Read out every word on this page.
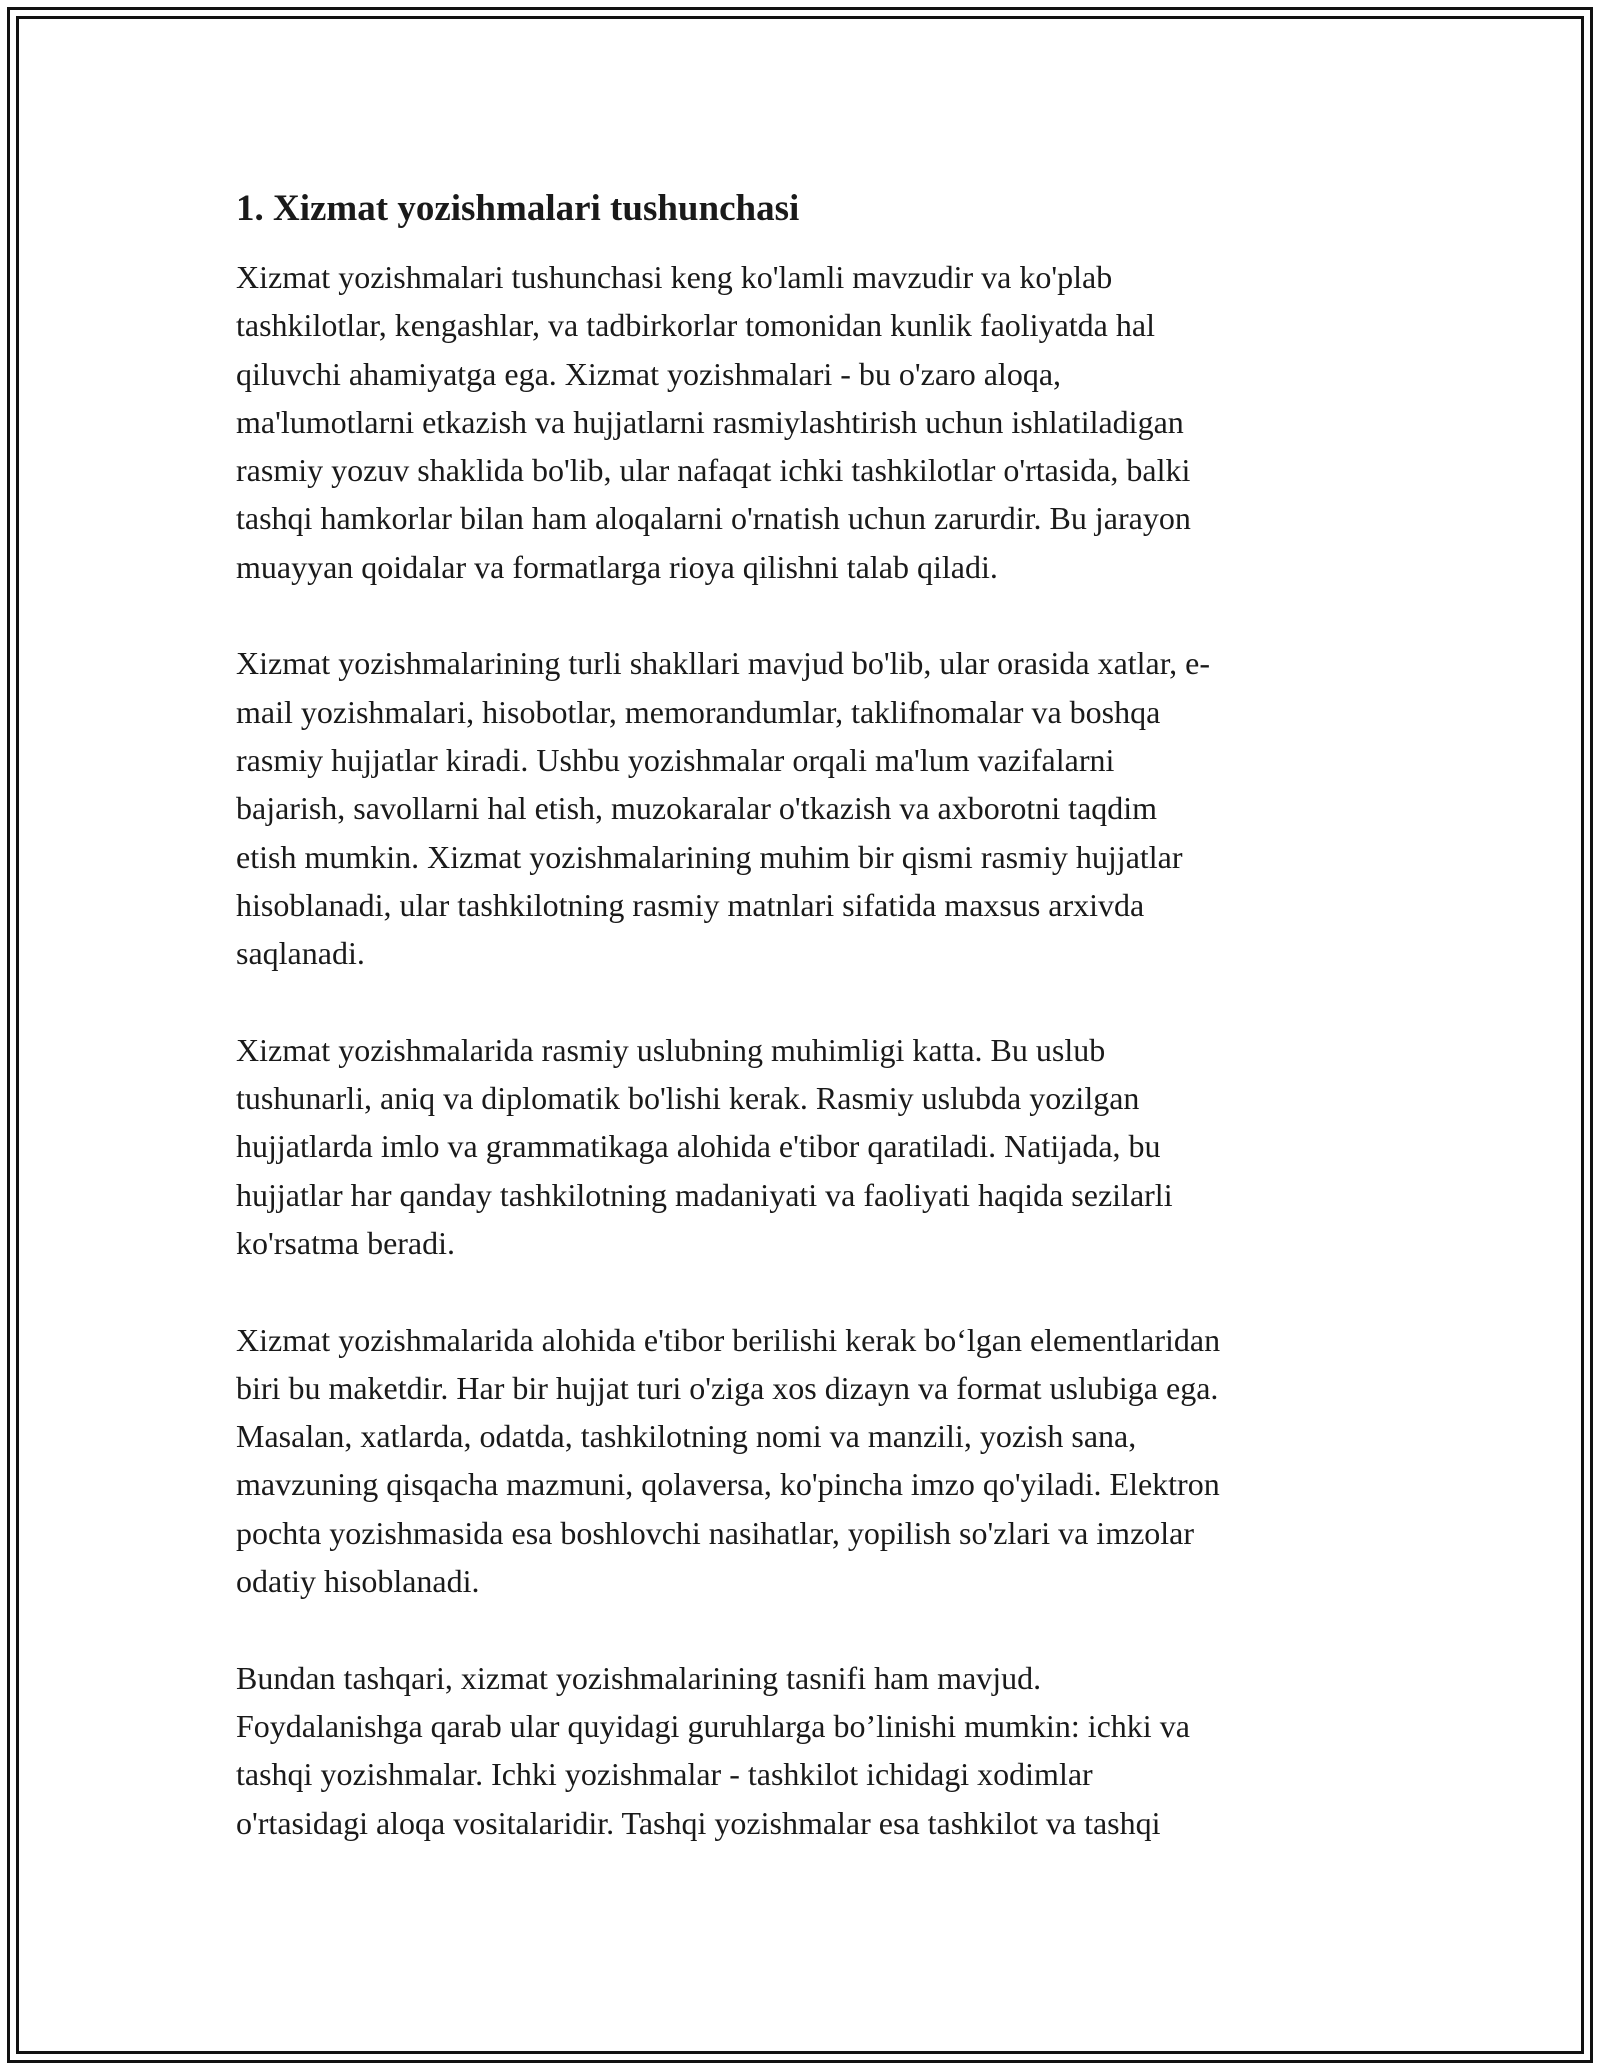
1. Xizmat yozishmalari tushunchasi

Xizmat yozishmalari tushunchasi keng ko'lamli mavzudir va ko'plab
tashkilotlar, kengashlar, va tadbirkorlar tomonidan kunlik faoliyatda hal
qiluvchi ahamiyatga ega. Xizmat yozishmalari - bu o'zaro aloqa,
ma'lumotlarni etkazish va hujjatlarni rasmiylashtirish uchun ishlatiladigan
rasmiy yozuv shaklida bo'lib, ular nafaqat ichki tashkilotlar o'rtasida, balki
tashqi hamkorlar bilan ham aloqalarni o'rnatish uchun zarurdir. Bu jarayon
muayyan qoidalar va formatlarga rioya qilishni talab qiladi.

Xizmat yozishmalarining turli shakllari mavjud bo'lib, ular orasida xatlar, e-
mail yozishmalari, hisobotlar, memorandumlar, taklifnomalar va boshqa
rasmiy hujjatlar kiradi. Ushbu yozishmalar orqali ma'lum vazifalarni
bajarish, savollarni hal etish, muzokaralar o'tkazish va axborotni taqdim
etish mumkin. Xizmat yozishmalarining muhim bir qismi rasmiy hujjatlar
hisoblanadi, ular tashkilotning rasmiy matnlari sifatida maxsus arxivda
saqlanadi.

Xizmat yozishmalarida rasmiy uslubning muhimligi katta. Bu uslub
tushunarli, aniq va diplomatik bo'lishi kerak. Rasmiy uslubda yozilgan
hujjatlarda imlo va grammatikaga alohida e'tibor qaratiladi. Natijada, bu
hujjatlar har qanday tashkilotning madaniyati va faoliyati haqida sezilarli
ko'rsatma beradi.

Xizmat yozishmalarida alohida e'tibor berilishi kerak bo‘lgan elementlaridan
biri bu maketdir. Har bir hujjat turi o'ziga xos dizayn va format uslubiga ega.
Masalan, xatlarda, odatda, tashkilotning nomi va manzili, yozish sana,
mavzuning qisqacha mazmuni, qolaversa, ko'pincha imzo qo'yiladi. Elektron
pochta yozishmasida esa boshlovchi nasihatlar, yopilish so'zlari va imzolar
odatiy hisoblanadi.

Bundan tashqari, xizmat yozishmalarining tasnifi ham mavjud.
Foydalanishga qarab ular quyidagi guruhlarga bo’linishi mumkin: ichki va
tashqi yozishmalar. Ichki yozishmalar - tashkilot ichidagi xodimlar
o'rtasidagi aloqa vositalaridir. Tashqi yozishmalar esa tashkilot va tashqi
